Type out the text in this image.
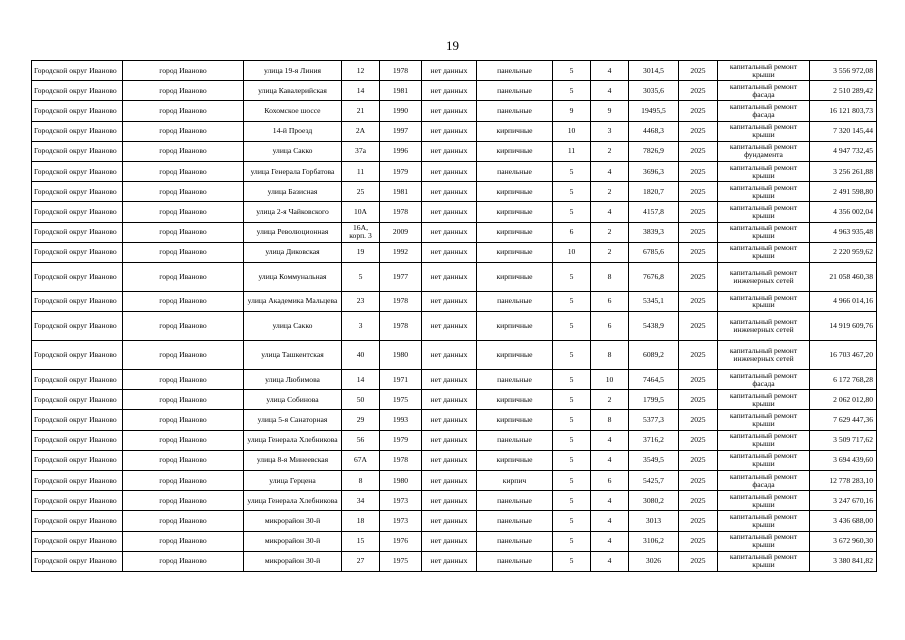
19
Городской округ Иваново	город Иваново	улица 19-я Линия	12	1978	нет данных	панельные	5	4	3014,5	2025	капитальный ремонт крыши	3 556 972,08
Городской округ Иваново	город Иваново	улица Кавалерийская	14	1981	нет данных	панельные	5	4	3035,6	2025	капитальный ремонт фасада	2 510 289,42
Городской округ Иваново	город Иваново	Кохомское шоссе	21	1990	нет данных	панельные	9	9	19495,5	2025	капитальный ремонт фасада	16 121 803,73
Городской округ Иваново	город Иваново	14-й Проезд	2А	1997	нет данных	кирпичные	10	3	4468,3	2025	капитальный ремонт крыши	7 320 145,44
Городской округ Иваново	город Иваново	улица Сакко	37а	1996	нет данных	кирпичные	11	2	7826,9	2025	капитальный ремонт фундамента	4 947 732,45
Городской округ Иваново	город Иваново	улица Генерала Горбатова	11	1979	нет данных	панельные	5	4	3696,3	2025	капитальный ремонт крыши	3 256 261,88
Городской округ Иваново	город Иваново	улица Базисная	25	1981	нет данных	кирпичные	5	2	1820,7	2025	капитальный ремонт крыши	2 491 598,80
Городской округ Иваново	город Иваново	улица 2-я Чайковского	10А	1978	нет данных	кирпичные	5	4	4157,8	2025	капитальный ремонт крыши	4 356 002,04
Городской округ Иваново	город Иваново	улица Революционная	16А, корп. 3	2009	нет данных	кирпичные	6	2	3839,3	2025	капитальный ремонт крыши	4 963 935,48
Городской округ Иваново	город Иваново	улица Диковская	19	1992	нет данных	кирпичные	10	2	6785,6	2025	капитальный ремонт крыши	2 220 959,62
Городской округ Иваново	город Иваново	улица Коммунальная	5	1977	нет данных	кирпичные	5	8	7676,8	2025	капитальный ремонт инженерных сетей	21 058 460,38
Городской округ Иваново	город Иваново	улица Академика Мальцева	23	1978	нет данных	панельные	5	6	5345,1	2025	капитальный ремонт крыши	4 966 014,16
Городской округ Иваново	город Иваново	улица Сакко	3	1978	нет данных	кирпичные	5	6	5438,9	2025	капитальный ремонт инженерных сетей	14 919 609,76
Городской округ Иваново	город Иваново	улица Ташкентская	40	1980	нет данных	кирпичные	5	8	6089,2	2025	капитальный ремонт инженерных сетей	16 703 467,20
Городской округ Иваново	город Иваново	улица Любимова	14	1971	нет данных	панельные	5	10	7464,5	2025	капитальный ремонт фасада	6 172 768,28
Городской округ Иваново	город Иваново	улица Собинова	50	1975	нет данных	кирпичные	5	2	1799,5	2025	капитальный ремонт крыши	2 062 012,80
Городской округ Иваново	город Иваново	улица 5-я Санаторная	29	1993	нет данных	кирпичные	5	8	5377,3	2025	капитальный ремонт крыши	7 629 447,36
Городской округ Иваново	город Иваново	улица Генерала Хлебникова	56	1979	нет данных	панельные	5	4	3716,2	2025	капитальный ремонт крыши	3 509 717,62
Городской округ Иваново	город Иваново	улица 8-я Минеевская	67А	1978	нет данных	кирпичные	5	4	3549,5	2025	капитальный ремонт крыши	3 694 439,60
Городской округ Иваново	город Иваново	улица Герцена	8	1980	нет данных	кирпич	5	6	5425,7	2025	капитальный ремонт фасада	12 778 283,10
Городской округ Иваново	город Иваново	улица Генерала Хлебникова	34	1973	нет данных	панельные	5	4	3080,2	2025	капитальный ремонт крыши	3 247 670,16
Городской округ Иваново	город Иваново	микрорайон 30-й	18	1973	нет данных	панельные	5	4	3013	2025	капитальный ремонт крыши	3 436 688,00
Городской округ Иваново	город Иваново	микрорайон 30-й	15	1976	нет данных	панельные	5	4	3106,2	2025	капитальный ремонт крыши	3 672 960,30
Городской округ Иваново	город Иваново	микрорайон 30-й	27	1975	нет данных	панельные	5	4	3026	2025	капитальный ремонт крыши	3 380 841,82
